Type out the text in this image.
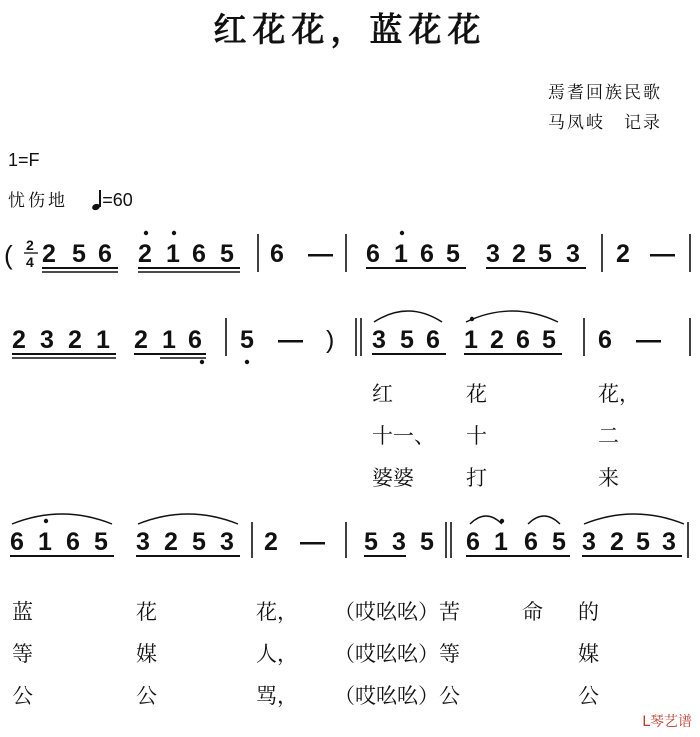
红花花，蓝花花
焉耆回族民歌
马凤岐　记录
1=F
忧伤地 =60
( 2
4 2 5 6 2 1 6 5 6 — 6 1 6 5 3 2 5 3 2 —
2 3 2 1 2 1 6 5 — ) 3 5 6 1 2 6 5 6 —
6 1 6 5 3 2 5 3 2 — 5 3 5 6 1 6 5 3 2 5 3
红	花	花，
十一、 十	二
婆婆 打	来
蓝	花	花， （哎吆吆）苦	命 的
等	媒	人， （哎吆吆）等	媒
公	公	骂， （哎吆吆）公	公
ᒪ琴艺谱
